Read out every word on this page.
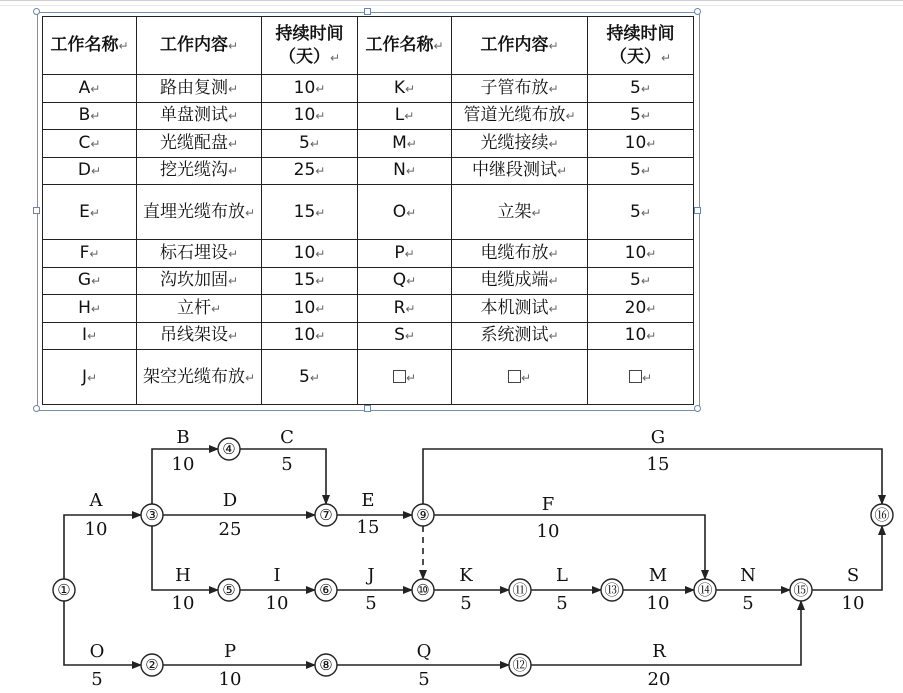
工作名称↵	工作内容↵	持续时间（天）↵	工作名称↵	工作内容↵	持续时间（天）↵
A↵	路由复测↵	10↵	K↵	子管布放↵	5↵
B↵	单盘测试↵	10↵	L↵	管道光缆布放↵	5↵
C↵	光缆配盘↵	5↵	M↵	光缆接续↵	10↵
D↵	挖光缆沟↵	25↵	N↵	中继段测试↵	5↵
E↵	直埋光缆布放↵	15↵	O↵	立架↵	5↵
F↵	标石埋设↵	10↵	P↵	电缆布放↵	10↵
G↵	沟坎加固↵	15↵	Q↵	电缆成端↵	5↵
H↵	立杆↵	10↵	R↵	本机测试↵	20↵
I↵	吊线架设↵	10↵	S↵	系统测试↵	10↵
J↵	架空光缆布放↵	5↵	↵	↵	↵
A
10
B
10
C
5
D
25
E
15
F
10
G
15
H
10
I
10
J
5
K
5
L
5
M
10
N
5
S
10
O
5
P
10
Q
5
R
20
①
②
③
④
⑤	⑥
⑦
⑧
⑨
⑩	⑪
⑫
⑬	⑭	⑮
⑯
